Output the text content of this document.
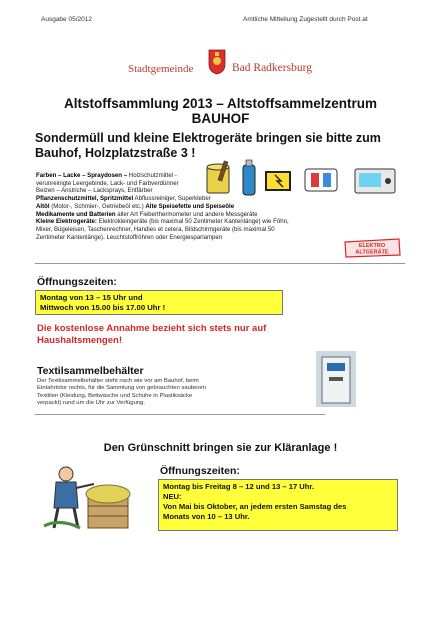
Ausgabe 05/2012	Amtliche Mitteilung Zugestellt durch Post.at
Stadtgemeinde	Bad Radkersburg
Altstoffsammlung 2013 – Altstoffsammelzentrum
BAUHOF
Sondermüll und kleine Elektrogeräte bringen sie bitte zum
Bauhof, Holzplatzstraße 3 !
Farben – Lacke – Spraydosen – Holzschutzmittel -
verunreinigte Leergebinde, Lack- und Farbverdünner
Beizen – Anstriche – Lacksprays, Entfärber
Pflanzenschutzmittel, Spritzmittel Abflussreiniger, Superkleber
Altöl (Motor-, Schmier-, Getriebeöl etc.) Alte Speisefette und Speiseöle
Medikamente und Batterien aller Art Fieberthermometer und andere Messgeräte
Kleine Elektrogeräte: Elektrokleingeräte (bis maximal 50 Zentimeter Kantenlänge) wie Föhn,
Mixer, Bügeleisen, Taschenrechner, Handies et cetera, Bildschirmgeräte (bis maximal 50
Zentimeter Kantenlänge). Leuchtstoffröhren oder Energiesparlampen
ELEKTRO
ALTGERÄTE
Öffnungszeiten:
Montag von 13 – 15 Uhr und
Mittwoch von 15.00 bis 17.00 Uhr !
Die kostenlose Annahme bezieht sich stets nur auf
Haushaltsmengen!
Textilsammelbehälter
Der Textilsammelbehälter steht nach wie vor am Bauhof, beim
Eintahrtstor rechts, für die Sammlung von gebrauchten sauberen
Textilien (Kleidung, Bettwäsche und Schuhe in Plastiksäcke
verpackt) rund um die Uhr zur Verfügung.
Den Grünschnitt bringen sie zur Kläranlage !
Öffnungszeiten:
Montag bis Freitag 8 – 12 und 13 – 17 Uhr.
NEU:
Von Mai bis Oktober, an jedem ersten Samstag des
Monats von 10 – 13 Uhr.
